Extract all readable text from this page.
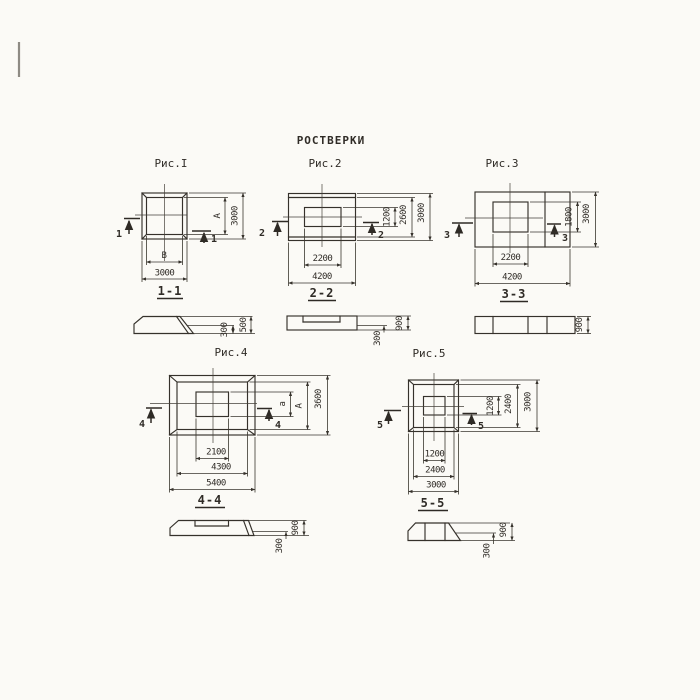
РОСТВЕРКИ
Рис.I
1	1
В
3000
А 3000
1-1
500
300
Рис.2
2	2
1200 2600 3000
2200
4200
2-2
900
300
Рис.3
3	3
1800 3000
2200
4200
3-3
900
Рис.4
4	4
а А 3600
2100
4300
5400
4-4
900
300
Рис.5
5	5
1200 2400 3000
1200
2400
3000
5-5
900
300
